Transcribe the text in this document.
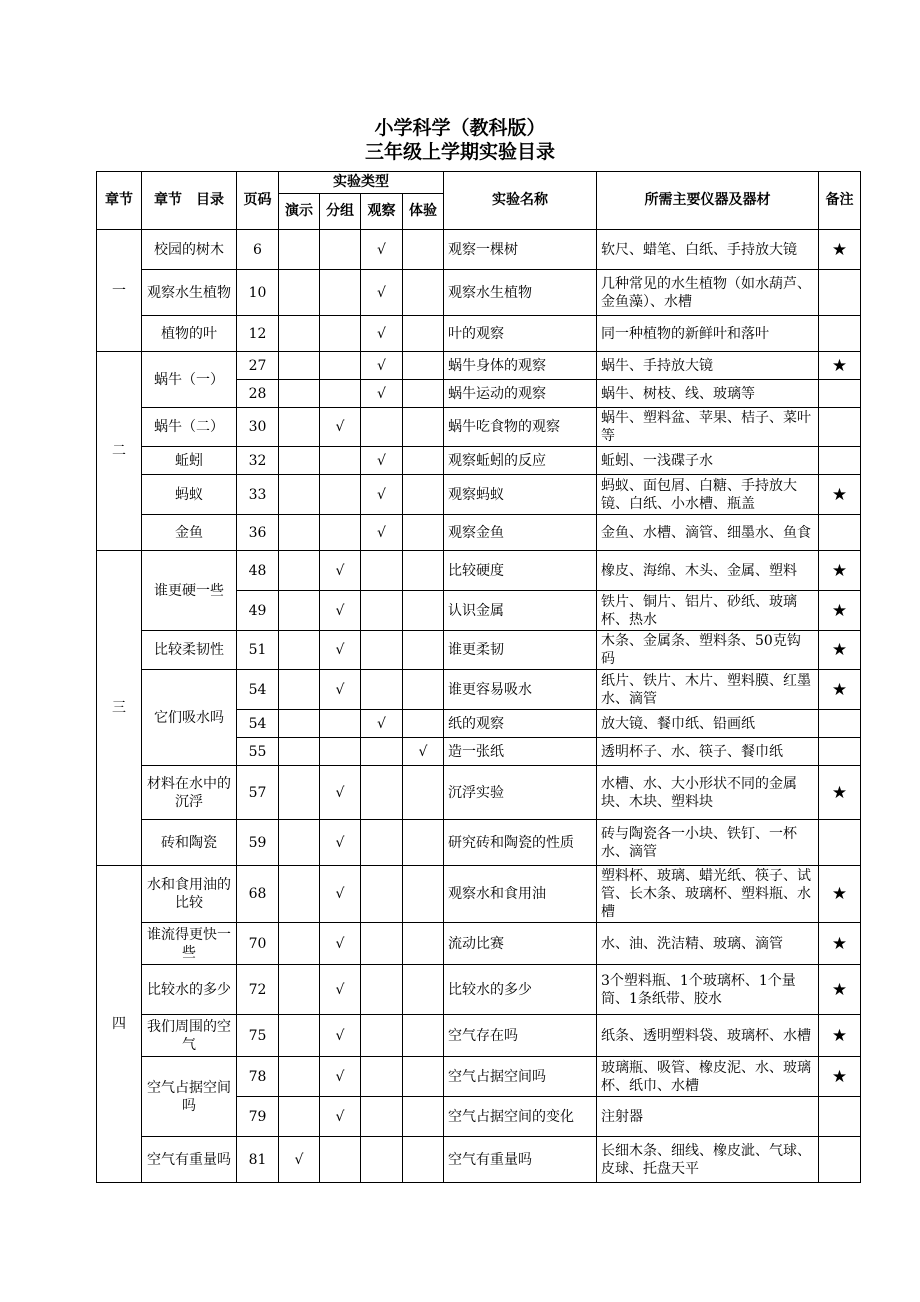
小学科学（教科版）
三年级上学期实验目录
章节	章节　目录	页码	实验类型				实验名称	所需主要仪器及器材	备注
			演示	分组	观察	体验			
一	校园的树木	6			√		观察一棵树	软尺、蜡笔、白纸、手持放大镜	★
	观察水生植物	10			√		观察水生植物	几种常见的水生植物（如水葫芦、金鱼藻）、水槽	
	植物的叶	12			√		叶的观察	同一种植物的新鲜叶和落叶	
二	蜗牛（一）	27			√		蜗牛身体的观察	蜗牛、手持放大镜	★
		28			√		蜗牛运动的观察	蜗牛、树枝、线、玻璃等	
	蜗牛（二）	30		√			蜗牛吃食物的观察	蜗牛、塑料盆、苹果、桔子、菜叶等	
	蚯蚓	32			√		观察蚯蚓的反应	蚯蚓、一浅碟子水	
	蚂蚁	33			√		观察蚂蚁	蚂蚁、面包屑、白糖、手持放大镜、白纸、小水槽、瓶盖	★
	金鱼	36			√		观察金鱼	金鱼、水槽、滴管、细墨水、鱼食	
三	谁更硬一些	48		√			比较硬度	橡皮、海绵、木头、金属、塑料	★
		49		√			认识金属	铁片、铜片、铝片、砂纸、玻璃杯、热水	★
	比较柔韧性	51		√			谁更柔韧	木条、金属条、塑料条、50克钩码	★
	它们吸水吗	54		√			谁更容易吸水	纸片、铁片、木片、塑料膜、红墨水、滴管	★
		54			√		纸的观察	放大镜、餐巾纸、铅画纸	
		55				√	造一张纸	透明杯子、水、筷子、餐巾纸	
	材料在水中的沉浮	57		√			沉浮实验	水槽、水、大小形状不同的金属块、木块、塑料块	★
	砖和陶瓷	59		√			研究砖和陶瓷的性质	砖与陶瓷各一小块、铁钉、一杯水、滴管	
四	水和食用油的比较	68		√			观察水和食用油	塑料杯、玻璃、蜡光纸、筷子、试管、长木条、玻璃杯、塑料瓶、水槽	★
	谁流得更快一些	70		√			流动比赛	水、油、洗洁精、玻璃、滴管	★
	比较水的多少	72		√			比较水的多少	3个塑料瓶、1个玻璃杯、1个量筒、1条纸带、胶水	★
	我们周围的空气	75		√			空气存在吗	纸条、透明塑料袋、玻璃杯、水槽	★
	空气占据空间吗	78		√			空气占据空间吗	玻璃瓶、吸管、橡皮泥、水、玻璃杯、纸巾、水槽	★
		79		√			空气占据空间的变化	注射器	
	空气有重量吗	81	√				空气有重量吗	长细木条、细线、橡皮泚、气球、皮球、托盘天平	
